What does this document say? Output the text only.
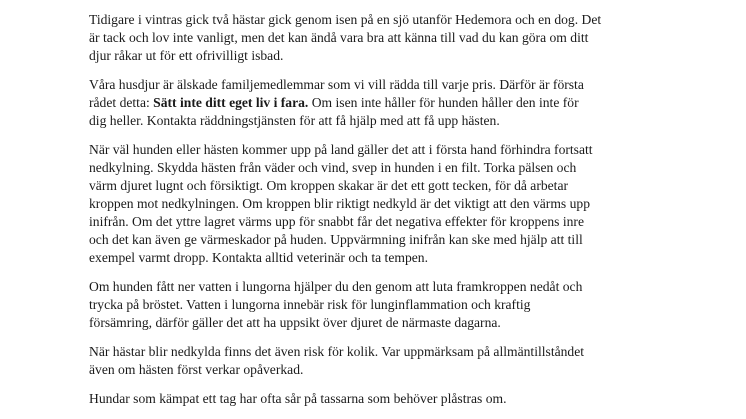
Tidigare i vintras gick två hästar gick genom isen på en sjö utanför Hedemora och en dog. Det
är tack och lov inte vanligt, men det kan ändå vara bra att känna till vad du kan göra om ditt
djur råkar ut för ett ofrivilligt isbad.

Våra husdjur är älskade familjemedlemmar som vi vill rädda till varje pris. Därför är första
rådet detta: Sätt inte ditt eget liv i fara. Om isen inte håller för hunden håller den inte för
dig heller. Kontakta räddningstjänsten för att få hjälp med att få upp hästen.

När väl hunden eller hästen kommer upp på land gäller det att i första hand förhindra fortsatt
nedkylning. Skydda hästen från väder och vind, svep in hunden i en filt. Torka pälsen och
värm djuret lugnt och försiktigt. Om kroppen skakar är det ett gott tecken, för då arbetar
kroppen mot nedkylningen. Om kroppen blir riktigt nedkyld är det viktigt att den värms upp
inifrån. Om det yttre lagret värms upp för snabbt får det negativa effekter för kroppens inre
och det kan även ge värmeskador på huden. Uppvärmning inifrån kan ske med hjälp att till
exempel varmt dropp. Kontakta alltid veterinär och ta tempen.

Om hunden fått ner vatten i lungorna hjälper du den genom att luta framkroppen nedåt och
trycka på bröstet. Vatten i lungorna innebär risk för lunginflammation och kraftig
försämring, därför gäller det att ha uppsikt över djuret de närmaste dagarna.

När hästar blir nedkylda finns det även risk för kolik. Var uppmärksam på allmäntillståndet
även om hästen först verkar opåverkad.

Hundar som kämpat ett tag har ofta sår på tassarna som behöver plåstras om.
